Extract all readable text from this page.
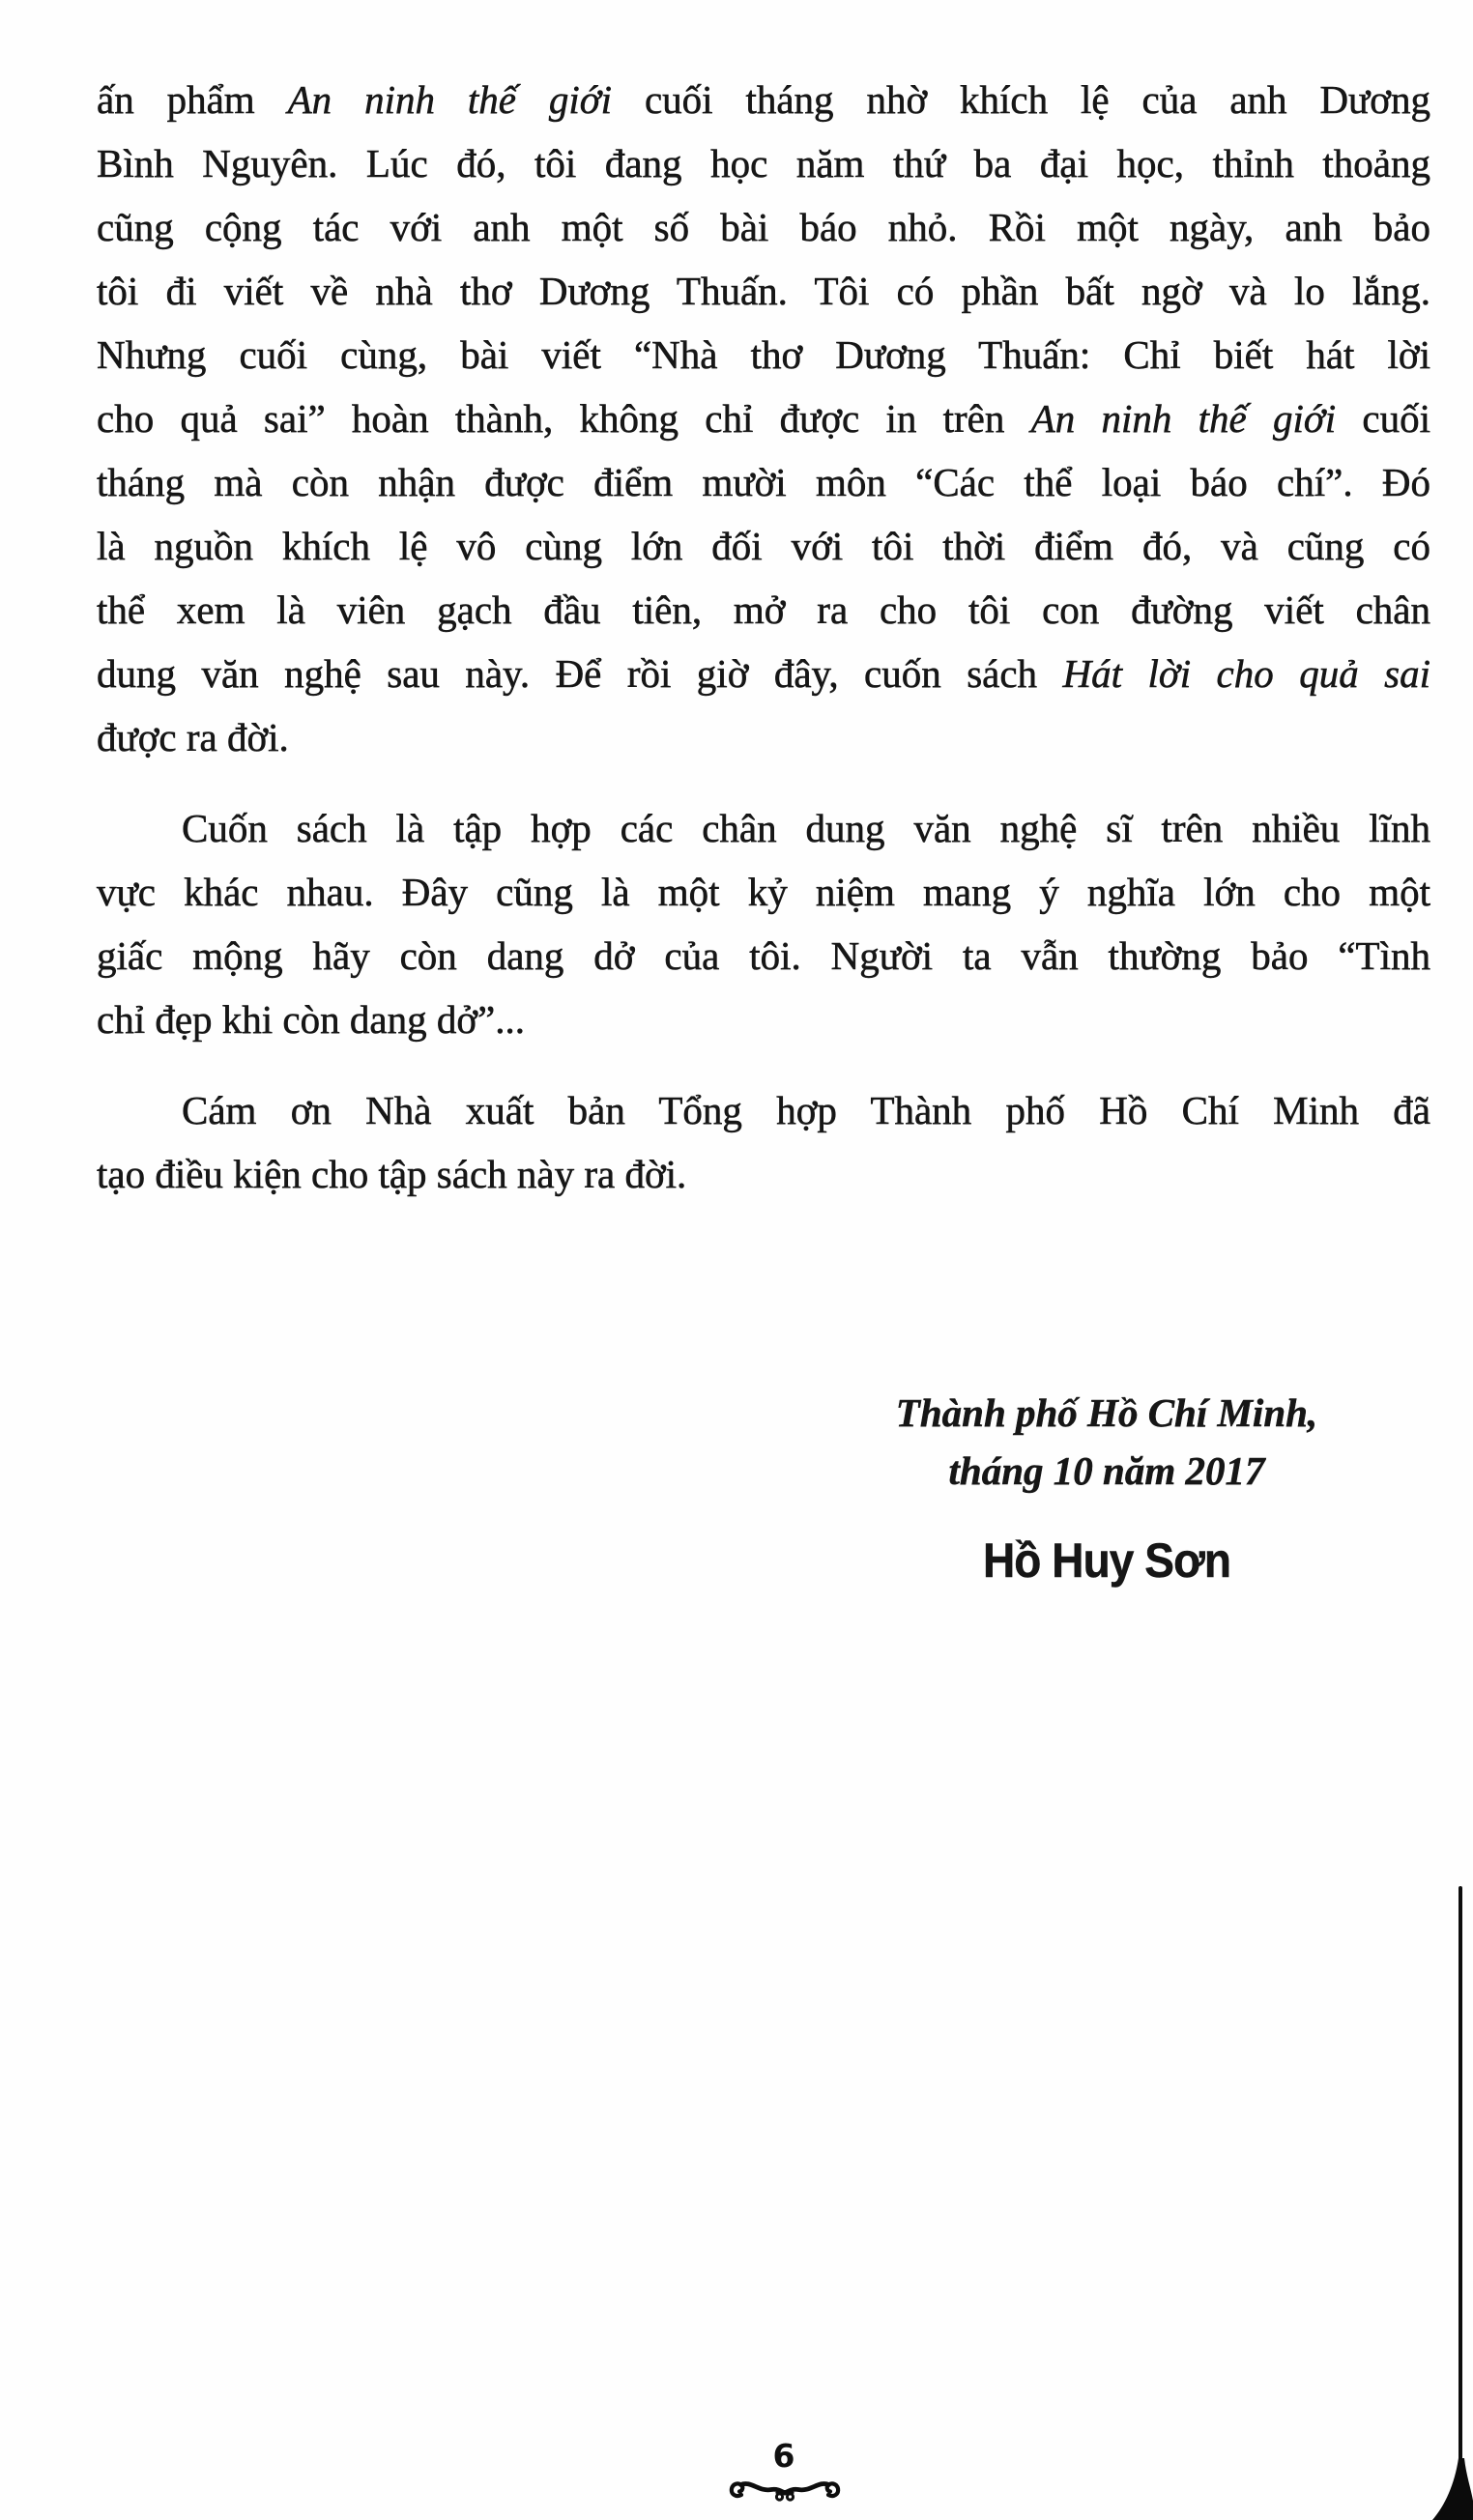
ấn phẩm An ninh thế giới cuối tháng nhờ khích lệ của anh Dương
Bình Nguyên. Lúc đó, tôi đang học năm thứ ba đại học, thỉnh thoảng
cũng cộng tác với anh một số bài báo nhỏ. Rồi một ngày, anh bảo
tôi đi viết về nhà thơ Dương Thuấn. Tôi có phần bất ngờ và lo lắng.
Nhưng cuối cùng, bài viết “Nhà thơ Dương Thuấn: Chỉ biết hát lời
cho quả sai” hoàn thành, không chỉ được in trên An ninh thế giới cuối
tháng mà còn nhận được điểm mười môn “Các thể loại báo chí”. Đó
là nguồn khích lệ vô cùng lớn đối với tôi thời điểm đó, và cũng có
thể xem là viên gạch đầu tiên, mở ra cho tôi con đường viết chân
dung văn nghệ sau này. Để rồi giờ đây, cuốn sách Hát lời cho quả sai
được ra đời.
Cuốn sách là tập hợp các chân dung văn nghệ sĩ trên nhiều lĩnh
vực khác nhau. Đây cũng là một kỷ niệm mang ý nghĩa lớn cho một
giấc mộng hãy còn dang dở của tôi. Người ta vẫn thường bảo “Tình
chỉ đẹp khi còn dang dở”...
Cám ơn Nhà xuất bản Tổng hợp Thành phố Hồ Chí Minh đã
tạo điều kiện cho tập sách này ra đời.
Thành phố Hồ Chí Minh,
tháng 10 năm 2017
Hồ Huy Sơn
6
